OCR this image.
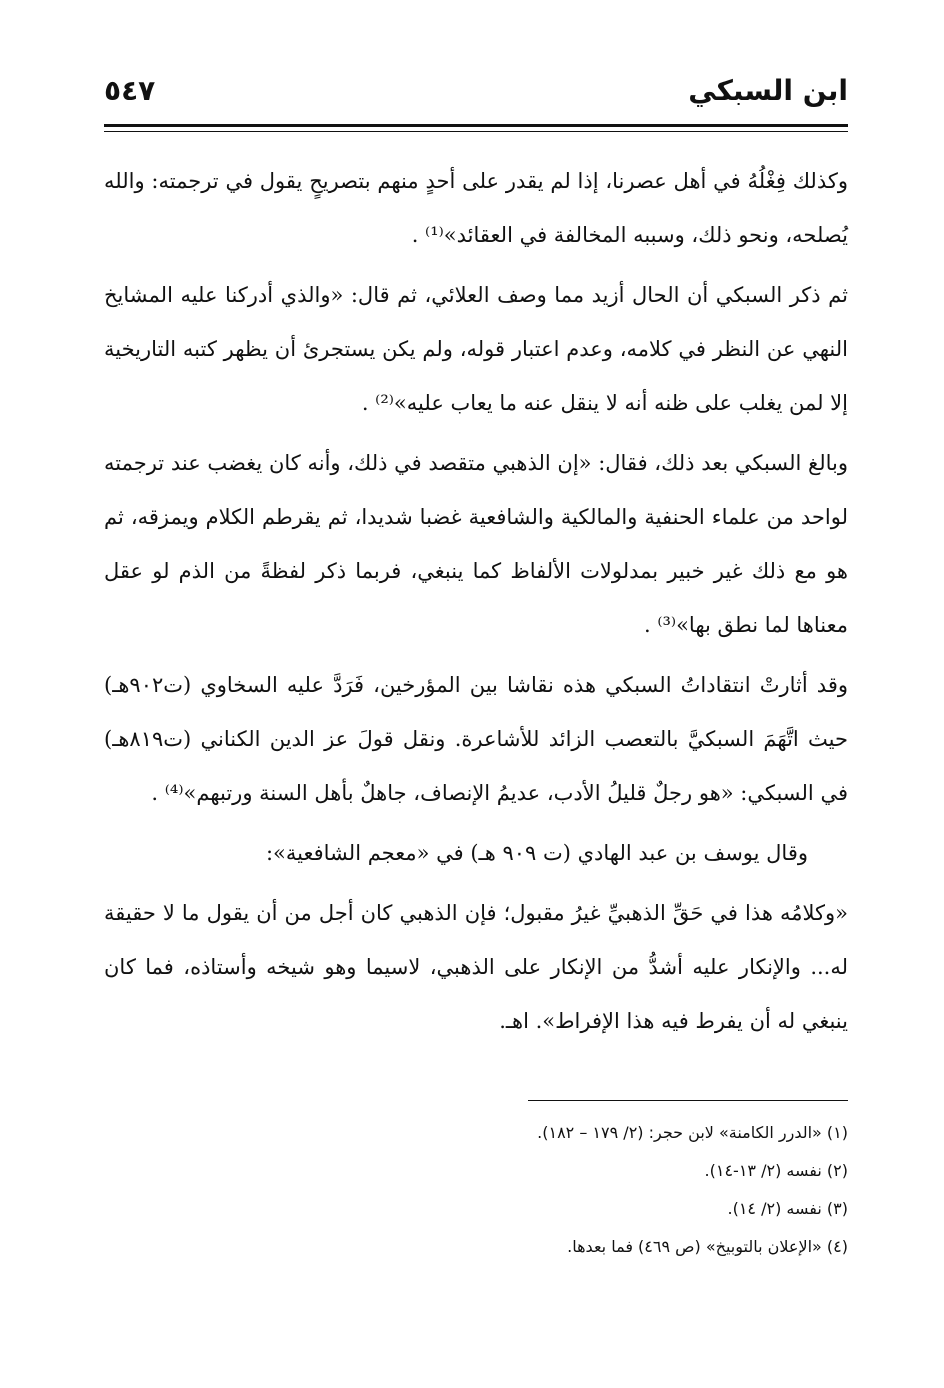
ابن السبكي
٥٤٧

وكذلك فِغْلُهُ في أهل عصرنا، إذا لم يقدر على أحدٍ منهم بتصريحٍ يقول في ترجمته: والله يُصلحه، ونحو ذلك، وسببه المخالفة في العقائد»⁽¹⁾ .

ثم ذكر السبكي أن الحال أزيد مما وصف العلائي، ثم قال: «والذي أدركنا عليه المشايخ النهي عن النظر في كلامه، وعدم اعتبار قوله، ولم يكن يستجرئ أن يظهر كتبه التاريخية إلا لمن يغلب على ظنه أنه لا ينقل عنه ما يعاب عليه»⁽²⁾ .

وبالغ السبكي بعد ذلك، فقال: «إن الذهبي متقصد في ذلك، وأنه كان يغضب عند ترجمته لواحد من علماء الحنفية والمالكية والشافعية غضبا شديدا، ثم يقرطم الكلام ويمزقه، ثم هو مع ذلك غير خبير بمدلولات الألفاظ كما ينبغي، فربما ذكر لفظةً من الذم لو عقل معناها لما نطق بها»⁽³⁾ .

وقد أثارتْ انتقاداتُ السبكي هذه نقاشا بين المؤرخين، فَرَدَّ عليه السخاوي (ت٩٠٢هـ) حيث اتَّهَمَ السبكيَّ بالتعصب الزائد للأشاعرة. ونقل قولَ عز الدين الكناني (ت٨١٩هـ) في السبكي: «هو رجلٌ قليلُ الأدب، عديمُ الإنصاف، جاهلٌ بأهل السنة ورتبهم»⁽⁴⁾ .

وقال يوسف بن عبد الهادي (ت ٩٠٩ هـ) في «معجم الشافعية»:

«وكلامُه هذا في حَقِّ الذهبيِّ غيرُ مقبول؛ فإن الذهبي كان أجل من أن يقول ما لا حقيقة له... والإنكار عليه أشدُّ من الإنكار على الذهبي، لاسيما وهو شيخه وأستاذه، فما كان ينبغي له أن يفرط فيه هذا الإفراط». اهـ.

(١) «الدرر الكامنة» لابن حجر: (٢/ ١٧٩ – ١٨٢).
(٢) نفسه (٢/ ١٣-١٤).
(٣) نفسه (٢/ ١٤).
(٤) «الإعلان بالتوبيخ» (ص ٤٦٩) فما بعدها.
